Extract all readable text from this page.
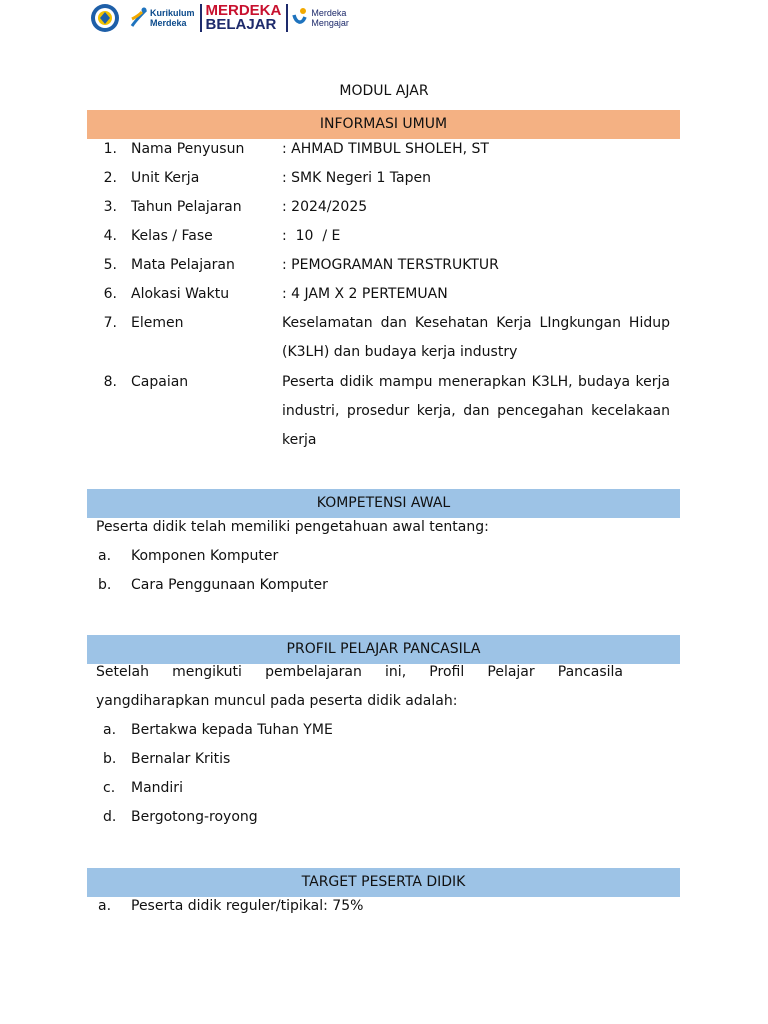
Kurikulum
Merdeka
MERDEKA
BELAJAR
Merdeka
Mengajar
MODUL AJAR
INFORMASI UMUM
1. Nama Penyusun	: AHMAD TIMBUL SHOLEH, ST
2. Unit Kerja	: SMK Negeri 1 Tapen
3. Tahun Pelajaran	: 2024/2025
4. Kelas / Fase	:  10  / E
5. Mata Pelajaran	: PEMOGRAMAN TERSTRUKTUR
6. Alokasi Waktu	: 4 JAM X 2 PERTEMUAN
7. Elemen	Keselamatan dan Kesehatan Kerja LIngkungan Hidup (K3LH) dan budaya kerja industry
8. Capaian	Peserta didik mampu menerapkan K3LH, budaya kerja industri, prosedur kerja, dan pencegahan kecelakaan kerja
KOMPETENSI AWAL
Peserta didik telah memiliki pengetahuan awal tentang:
a. Komponen Komputer
b. Cara Penggunaan Komputer
PROFIL PELAJAR PANCASILA
Setelah mengikuti pembelajaran ini, Profil Pelajar Pancasila yangdiharapkan muncul pada peserta didik adalah:
a. Bertakwa kepada Tuhan YME
b. Bernalar Kritis
c. Mandiri
d. Bergotong-royong
TARGET PESERTA DIDIK
a. Peserta didik reguler/tipikal: 75%
